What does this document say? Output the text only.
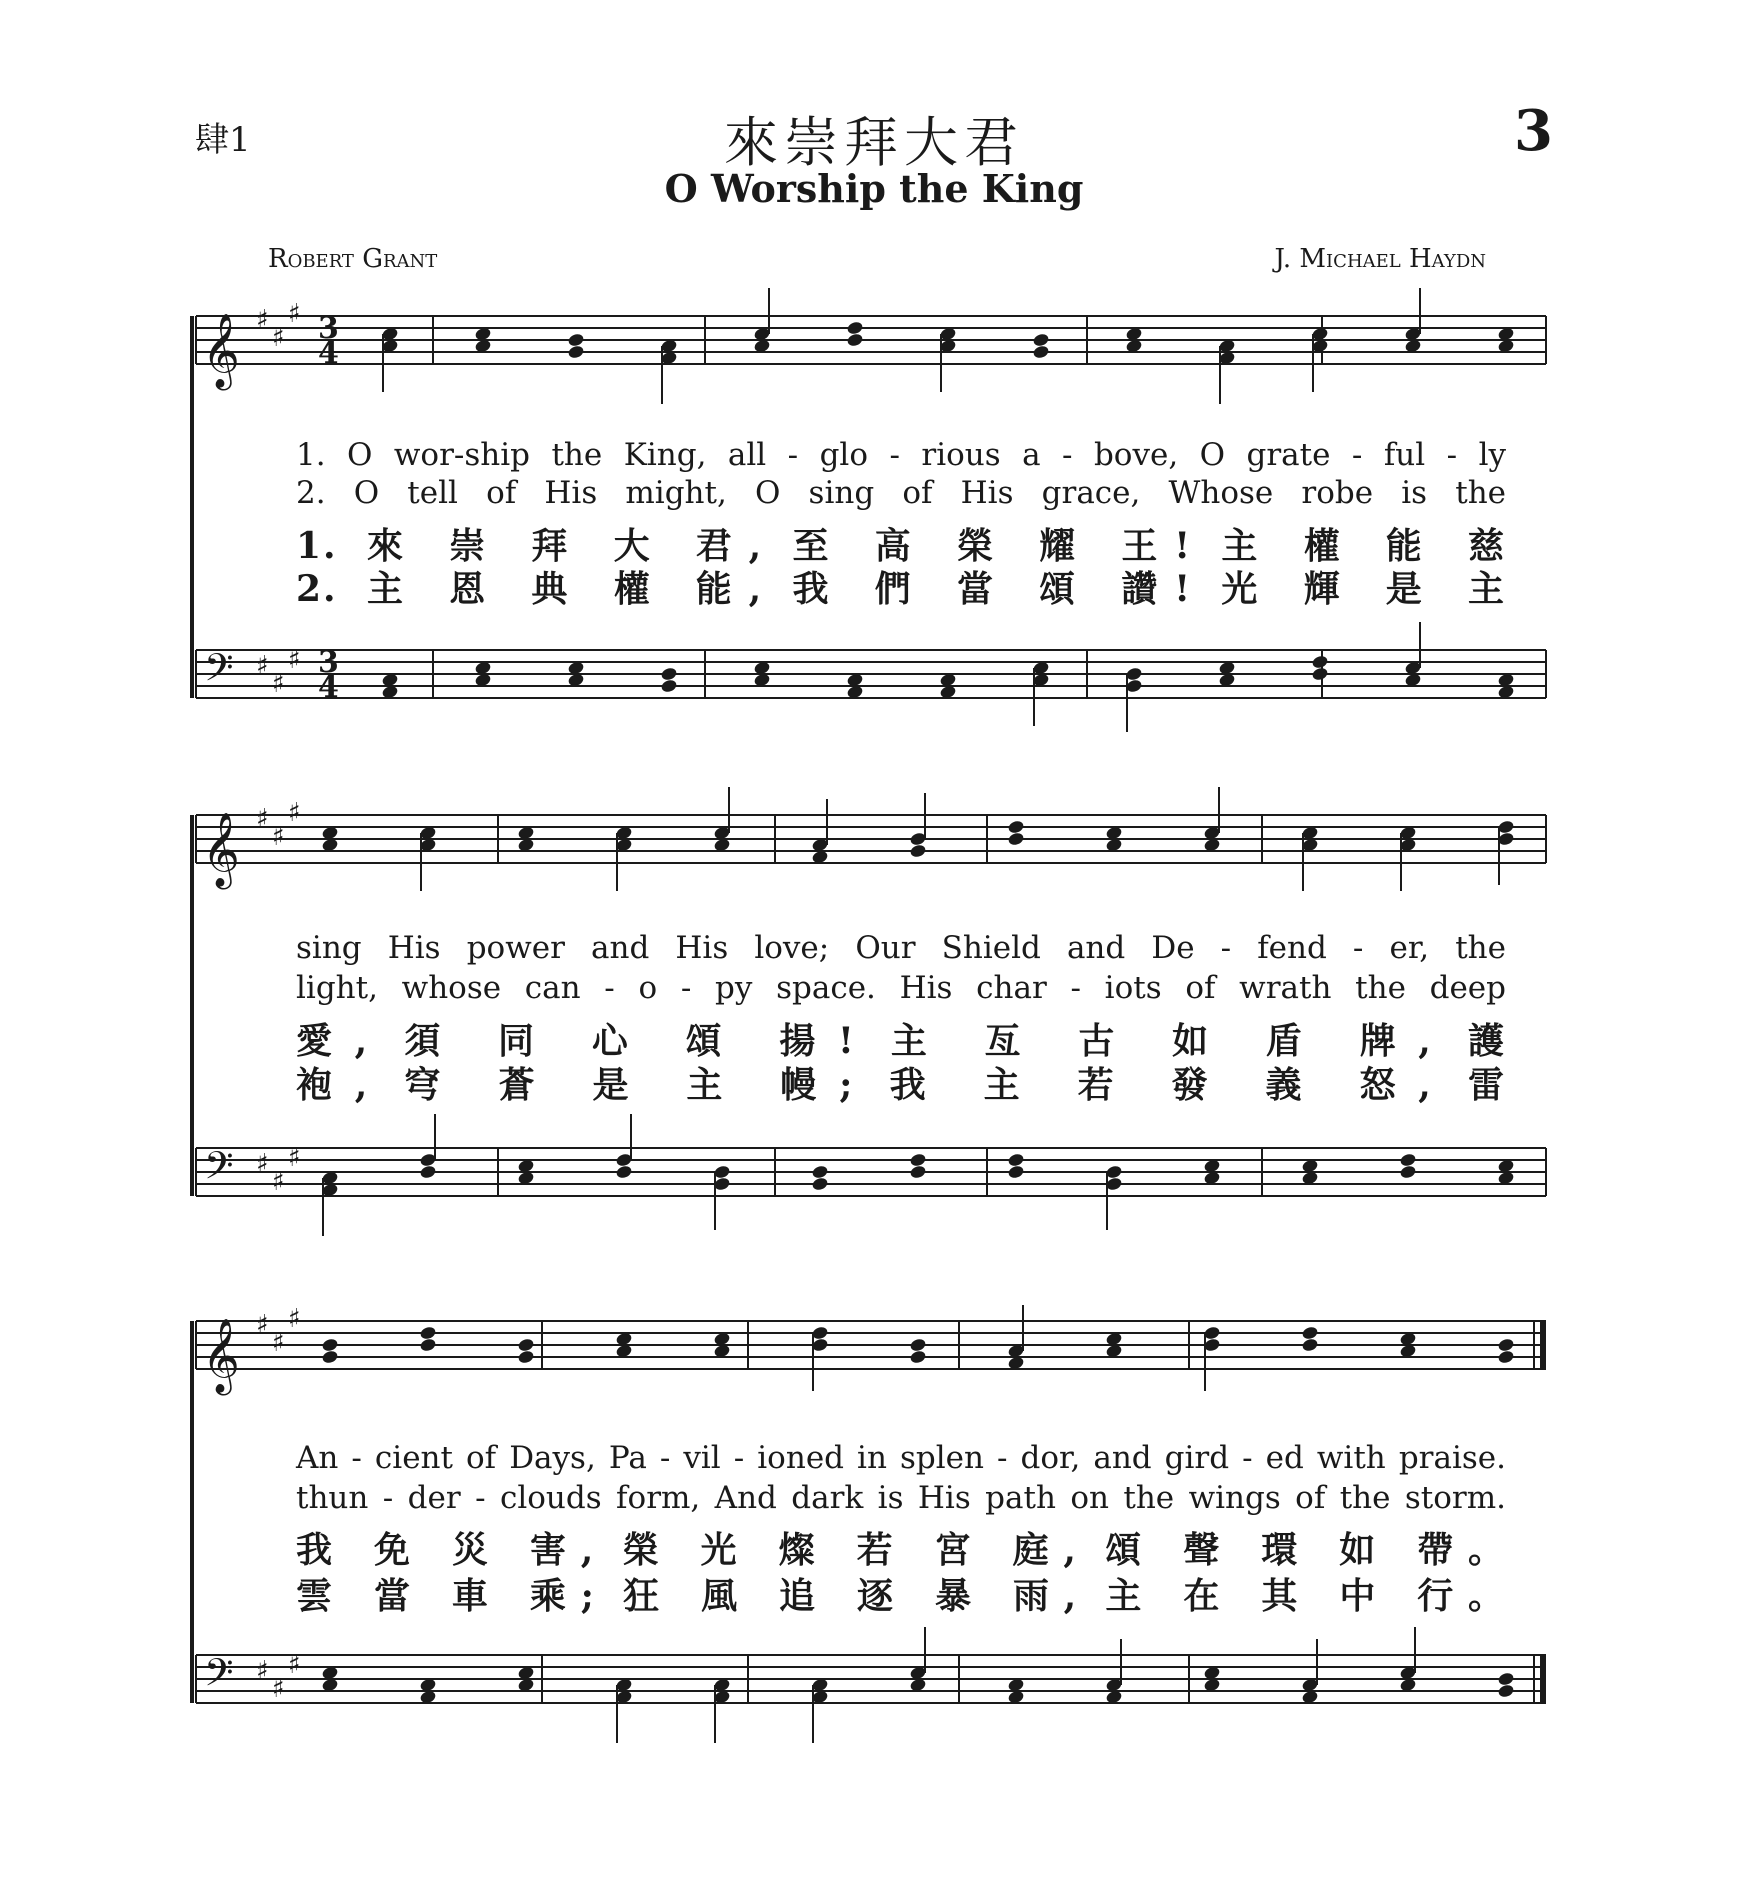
肆1	來崇拜大君	3
O Worship the King
Robert Grant	J. Michael Haydn
𝄞 ♯
♯
♯ 3
4
𝄢 ♯
♯
♯ 3
4
𝄞 ♯
♯
♯
𝄢 ♯
♯
♯
𝄞 ♯
♯
♯
𝄢 ♯
♯
♯
1. O wor-ship the King, all - glo - rious a - bove, O grate - ful - ly
2. O tell of His might, O sing of His grace, Whose robe is the
1. 來 崇 拜 大 君, 至 高 榮 耀 王! 主 權 能 慈
2. 主 恩 典 權 能, 我 們 當 頌 讚! 光 輝 是 主
sing His power and His love; Our Shield and De - fend - er, the
light, whose can - o - py space. His char - iots of wrath the deep
愛, 須 同 心 頌 揚! 主 亙 古 如 盾 牌, 護
袍, 穹 蒼 是 主 幔; 我 主 若 發 義 怒, 雷
An - cient of Days, Pa - vil - ioned in splen - dor, and gird - ed with praise.
thun - der - clouds form, And dark is His path on the wings of the storm.
我 免 災 害, 榮 光 燦 若 宮 庭, 頌 聲 環 如 帶。
雲 當 車 乘; 狂 風 追 逐 暴 雨, 主 在 其 中 行。
